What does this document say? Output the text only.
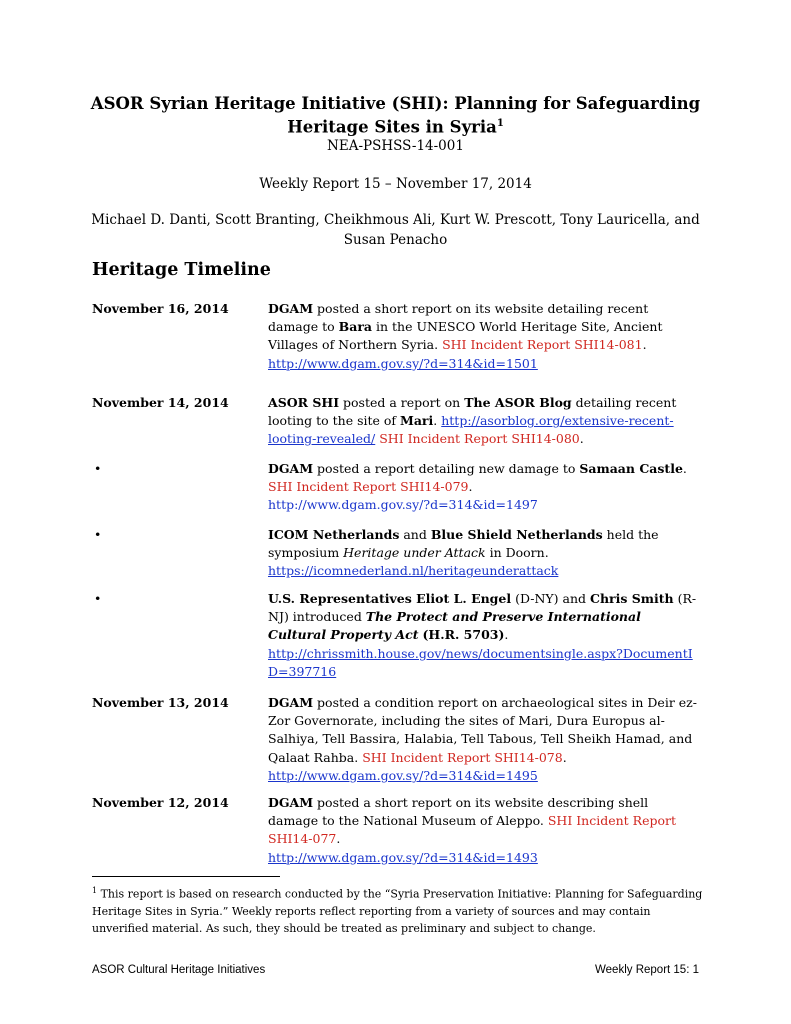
ASOR Syrian Heritage Initiative (SHI): Planning for Safeguarding
Heritage Sites in Syria$^1$
NEA-PSHSS-14-001
Weekly Report 15 – November 17, 2014
Michael D. Danti, Scott Branting, Cheikhmous Ali, Kurt W. Prescott, Tony Lauricella, and
Susan Penacho
Heritage Timeline
November 16, 2014	DGAM posted a short report on its website detailing recent damage to Bara in the UNESCO World Heritage Site, Ancient Villages of Northern Syria. SHI Incident Report SHI14-081.
http://www.dgam.gov.sy/?d=314&id=1501
November 14, 2014	ASOR SHI posted a report on The ASOR Blog detailing recent looting to the site of Mari. http://asorblog.org/extensive-recent-looting-revealed/ SHI Incident Report SHI14-080.
•	DGAM posted a report detailing new damage to Samaan Castle. SHI Incident Report SHI14-079.
http://www.dgam.gov.sy/?d=314&id=1497
•	ICOM Netherlands and Blue Shield Netherlands held the symposium Heritage under Attack in Doorn.
https://icomnederland.nl/heritageunderattack
•	U.S. Representatives Eliot L. Engel (D-NY) and Chris Smith (R-NJ) introduced The Protect and Preserve International Cultural Property Act (H.R. 5703).
http://chrissmith.house.gov/news/documentsingle.aspx?DocumentID=397716
November 13, 2014	DGAM posted a condition report on archaeological sites in Deir ez-Zor Governorate, including the sites of Mari, Dura Europus al-Salhiya, Tell Bassira, Halabia, Tell Tabous, Tell Sheikh Hamad, and Qalaat Rahba. SHI Incident Report SHI14-078.
http://www.dgam.gov.sy/?d=314&id=1495
November 12, 2014	DGAM posted a short report on its website describing shell damage to the National Museum of Aleppo. SHI Incident Report SHI14-077.
http://www.dgam.gov.sy/?d=314&id=1493
$^1$ This report is based on research conducted by the “Syria Preservation Initiative: Planning for Safeguarding Heritage Sites in Syria.” Weekly reports reflect reporting from a variety of sources and may contain unverified material. As such, they should be treated as preliminary and subject to change.
ASOR Cultural Heritage Initiatives	Weekly Report 15: 1
